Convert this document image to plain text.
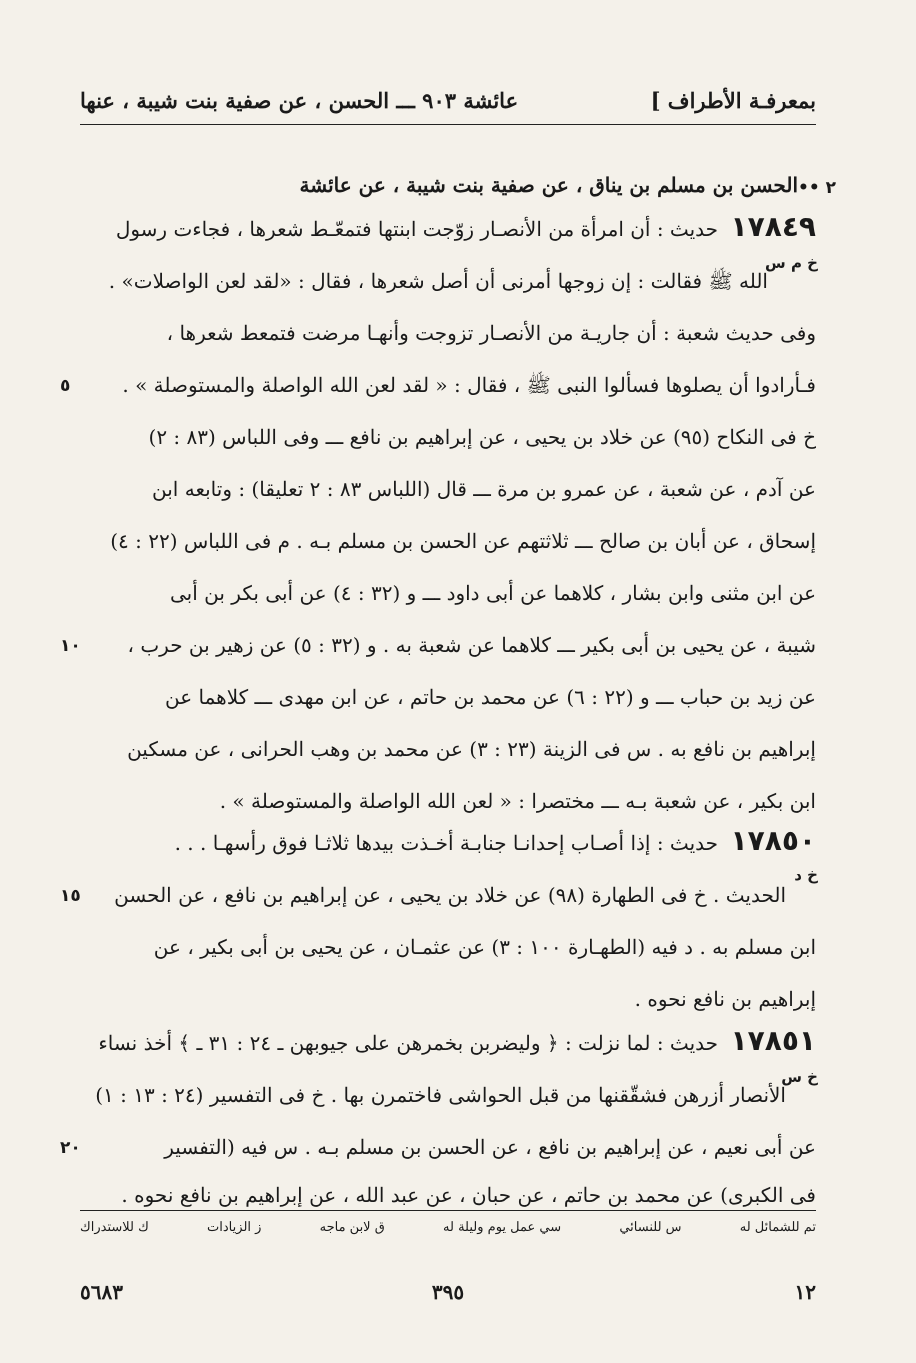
بمعرفـة الأطراف ]
عائشة ٩٠٣ ـــ الحسن ، عن صفية بنت شيبة ، عنها
٢ ••
الحسن بن مسلم بن يناق ، عن صفية بنت شيبة ، عن عائشة
١٧٨٤٩
خ م س
حديث : أن امرأة من الأنصـار زوّجت ابنتها فتمعّـط شعرها ، فجاءت رسول
الله ﷺ فقالت : إن زوجها أمرنى أن أصل شعرها ، فقال : «لقد لعن الواصلات» .
وفى حديث شعبة : أن جاريـة من الأنصـار تزوجت وأنهـا مرضت فتمعط شعرها ،
فـأرادوا أن يصلوها فسألوا النبى ﷺ ، فقال : « لقد لعن الله الواصلة والمستوصلة » .
٥
خ فى النكاح (٩٥) عن خلاد بن يحيى ، عن إبراهيم بن نافع ـــ وفى اللباس (٨٣ : ٢)
عن آدم ، عن شعبة ، عن عمرو بن مرة ـــ قال (اللباس ٨٣ : ٢ تعليقا) : وتابعه ابن
إسحاق ، عن أبان بن صالح ـــ ثلاثتهم عن الحسن بن مسلم بـه . م فى اللباس (٢٢ : ٤)
عن ابن مثنى وابن بشار ، كلاهما عن أبى داود ـــ و (٣٢ : ٤) عن أبى بكر بن أبى
شيبة ، عن يحيى بن أبى بكير ـــ كلاهما عن شعبة به . و (٣٢ : ٥) عن زهير بن حرب ،
١٠
عن زيد بن حباب ـــ و (٢٢ : ٦) عن محمد بن حاتم ، عن ابن مهدى ـــ كلاهما عن
إبراهيم بن نافع به . س فى الزينة (٢٣ : ٣) عن محمد بن وهب الحرانى ، عن مسكين
ابن بكير ، عن شعبة بـه ـــ مختصرا : « لعن الله الواصلة والمستوصلة » .
١٧٨٥٠
خ د
حديث : إذا أصـاب إحدانـا جنابـة أخـذت بيدها ثلاثـا فوق رأسهـا . . .
الحديث . خ فى الطهارة (٩٨) عن خلاد بن يحيى ، عن إبراهيم بن نافع ، عن الحسن
١٥
ابن مسلم به . د فيه (الطهـارة ١٠٠ : ٣) عن عثمـان ، عن يحيى بن أبى بكير ، عن
إبراهيم بن نافع نحوه .
١٧٨٥١
خ س
حديث : لما نزلت : ﴿ وليضربن بخمرهن على جيوبهن ـ ٢٤ : ٣١ ـ ﴾ أخذ نساء
الأنصار أزرهن فشقّقنها من قبل الحواشى فاختمرن بها . خ فى التفسير (٢٤ : ١٣ : ١)
عن أبى نعيم ، عن إبراهيم بن نافع ، عن الحسن بن مسلم بـه . س فيه (التفسير
٢٠
فى الكبرى) عن محمد بن حاتم ، عن حبان ، عن عبد الله ، عن إبراهيم بن نافع نحوه .
تم للشمائل له
س للنسائي
سي عمل يوم وليلة له
ق لابن ماجه
ز الزيادات
ك للاستدراك
٥٦٨٣	٣٩٥	١٢
